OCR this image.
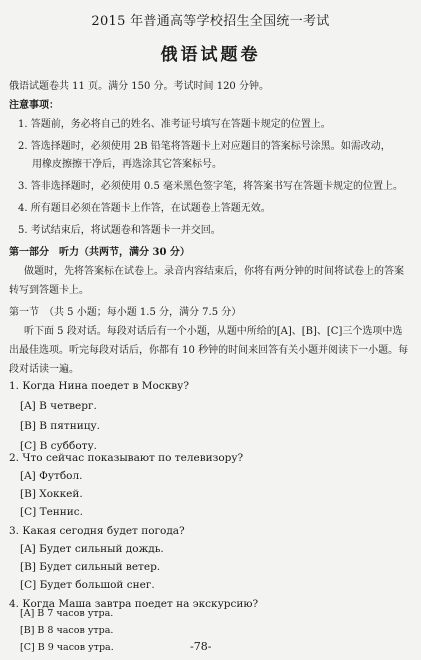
2015 年普通高等学校招生全国统一考试
俄语试题卷
俄语试题卷共 11 页。满分 150 分。考试时间 120 分钟。
注意事项：
1. 答题前，务必将自己的姓名、准考证号填写在答题卡规定的位置上。
2. 答选择题时，必须使用 2B 铅笔将答题卡上对应题目的答案标号涂黑。如需改动，
用橡皮擦擦干净后，再选涂其它答案标号。
3. 答非选择题时，必须使用 0.5 毫米黑色签字笔，将答案书写在答题卡规定的位置上。
4. 所有题目必须在答题卡上作答，在试题卷上答题无效。
5. 考试结束后，将试题卷和答题卡一并交回。
第一部分　听力（共两节，满分 30 分）
做题时，先将答案标在试卷上。录音内容结束后，你将有两分钟的时间将试卷上的答案
转写到答题卡上。
第一节　（共 5 小题；每小题 1.5 分，满分 7.5 分）
听下面 5 段对话。每段对话后有一个小题，从题中所给的[A]、[B]、[C]三个选项中选
出最佳选项。听完每段对话后，你都有 10 秒钟的时间来回答有关小题并阅读下一小题。每
段对话读一遍。
1. Когда Нина поедет в Москву?
[A] В четверг.
[B] В пятницу.
[C] В субботу.
2. Что сейчас показывают по телевизору?
[A] Футбол.
[B] Хоккей.
[C] Теннис.
3. Какая сегодня будет погода?
[A] Будет сильный дождь.
[B] Будет сильный ветер.
[C] Будет большой снег.
4. Когда Маша завтра поедет на экскурсию?
-78-
[A] В 7 часов утра.
[B] В 8 часов утра.
[C] В 9 часов утра.
